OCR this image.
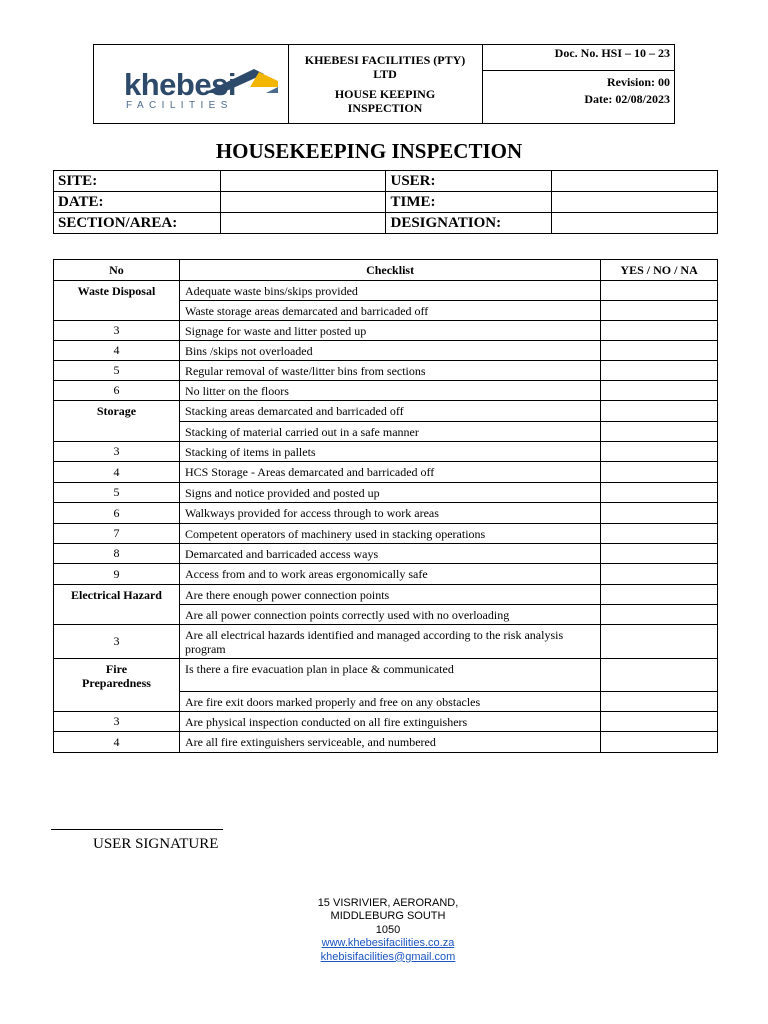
khebesi
FACILITIES
KHEBESI FACILITIES (PTY)
LTD
HOUSE KEEPING
INSPECTION
Doc. No. HSI – 10 – 23
Revision: 00
Date: 02/08/2023
HOUSEKEEPING INSPECTION
SITE:		USER:	
DATE:		TIME:	
SECTION/AREA:		DESIGNATION:	
No	Checklist	YES / NO / NA
Waste Disposal	Adequate waste bins/skips provided	
	Waste storage areas demarcated and barricaded off	
3	Signage for waste and litter posted up	
4	Bins /skips not overloaded	
5	Regular removal of waste/litter bins from sections	
6	No litter on the floors	
Storage	Stacking areas demarcated and barricaded off	
	Stacking of material carried out in a safe manner	
3	Stacking of items in pallets	
4	HCS Storage - Areas demarcated and barricaded off	
5	Signs and notice provided and posted up	
6	Walkways provided for access through to work areas	
7	Competent operators of machinery used in stacking operations	
8	Demarcated and barricaded access ways	
9	Access from and to work areas ergonomically safe	
Electrical Hazard	Are there enough power connection points	
	Are all power connection points correctly used with no overloading	
3	Are all electrical hazards identified and managed according to the risk analysis program	
Fire Preparedness	Is there a fire evacuation plan in place & communicated	
	Are fire exit doors marked properly and free on any obstacles	
3	Are physical inspection conducted on all fire extinguishers	
4	Are all fire extinguishers serviceable, and numbered	
USER SIGNATURE
15 VISRIVIER, AERORAND,
MIDDLEBURG SOUTH
1050
www.khebesifacilities.co.za
khebisifacilities@gmail.com
